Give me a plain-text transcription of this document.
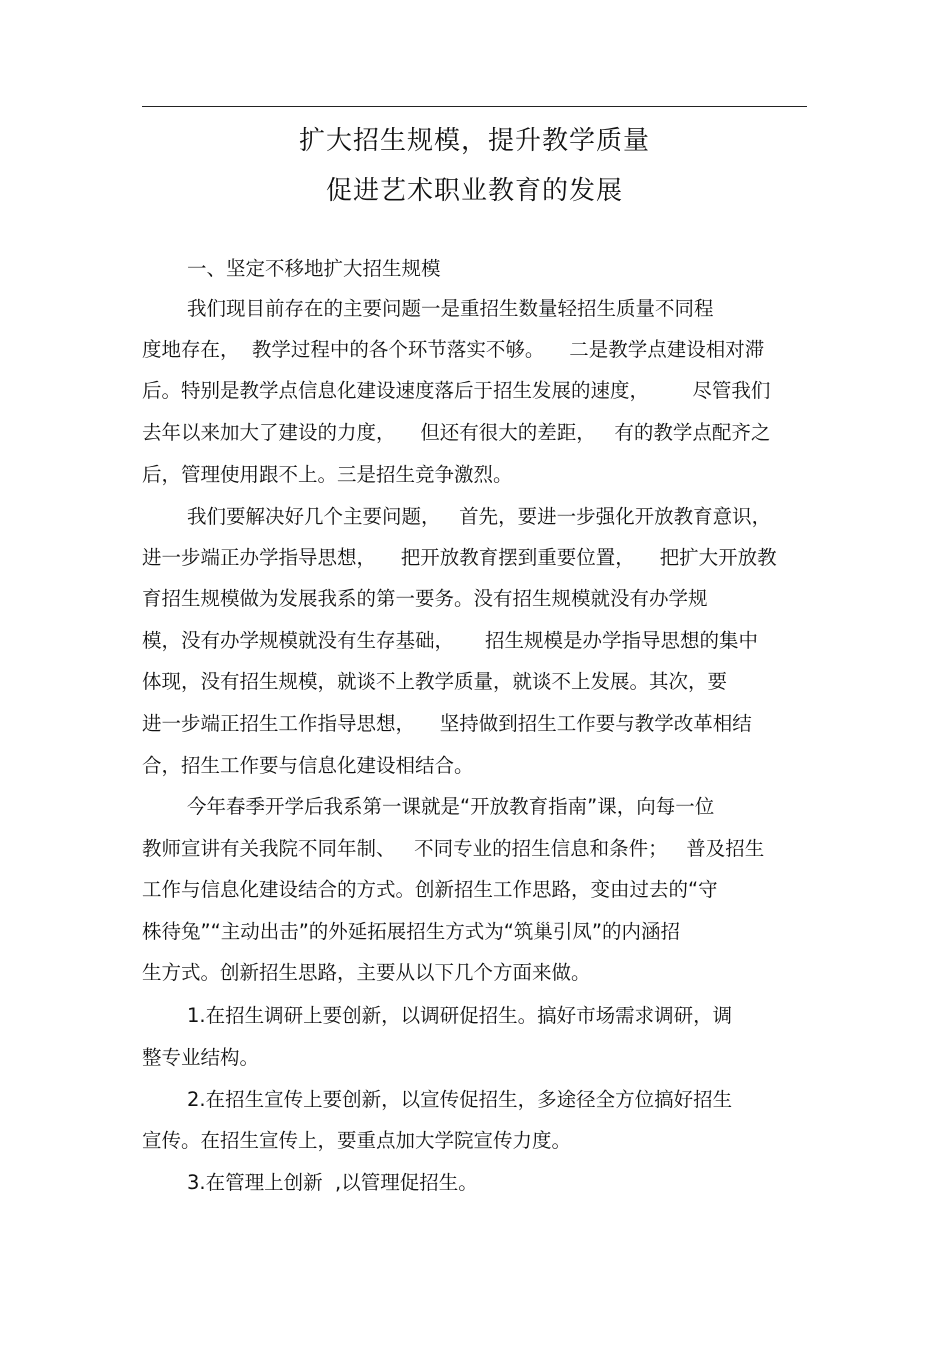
扩大招生规模，提升教学质量
促进艺术职业教育的发展
一、坚定不移地扩大招生规模
我们现目前存在的主要问题一是重招生数量轻招生质量不同程
度地存在，  教学过程中的各个环节落实不够。    二是教学点建设相对滞
后。特别是教学点信息化建设速度落后于招生发展的速度，       尽管我们
去年以来加大了建设的力度，    但还有很大的差距，   有的教学点配齐之
后，管理使用跟不上。三是招生竞争激烈。
我们要解决好几个主要问题，   首先，要进一步强化开放教育意识，
进一步端正办学指导思想，    把开放教育摆到重要位置，    把扩大开放教
育招生规模做为发展我系的第一要务。没有招生规模就没有办学规
模，没有办学规模就没有生存基础，     招生规模是办学指导思想的集中
体现，没有招生规模，就谈不上教学质量，就谈不上发展。其次，要
进一步端正招生工作指导思想，    坚持做到招生工作要与教学改革相结
合，招生工作要与信息化建设相结合。
今年春季开学后我系第一课就是“开放教育指南”课，向每一位
教师宣讲有关我院不同年制、   不同专业的招生信息和条件；   普及招生
工作与信息化建设结合的方式。创新招生工作思路，变由过去的“守
株待兔”“主动出击”的外延拓展招生方式为“筑巢引凤”的内涵招
生方式。创新招生思路，主要从以下几个方面来做。
1.在招生调研上要创新，以调研促招生。搞好市场需求调研，调
整专业结构。
2.在招生宣传上要创新，以宣传促招生，多途径全方位搞好招生
宣传。在招生宣传上，要重点加大学院宣传力度。
3.在管理上创新  ,以管理促招生。
